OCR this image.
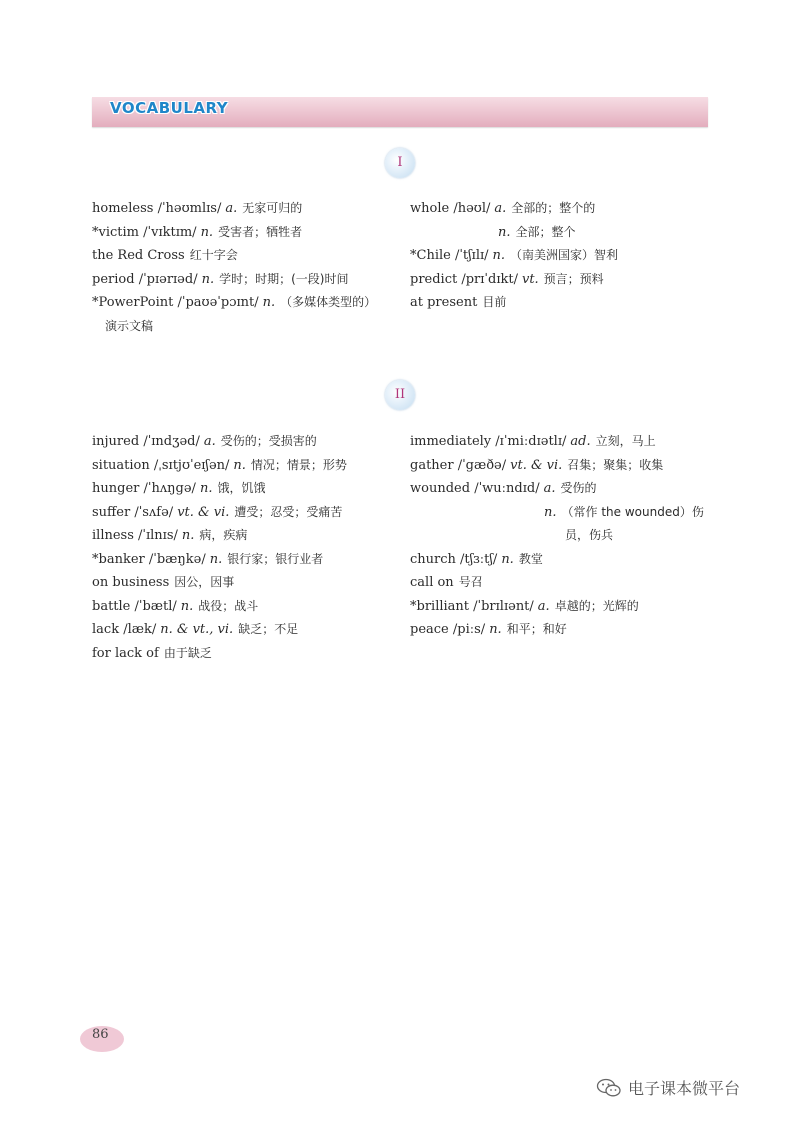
VOCABULARY
I
homeless /ˈhəʊmlɪs/ a. 无家可归的
*victim /ˈvɪktɪm/ n. 受害者；牺牲者
the Red Cross 红十字会
period /ˈpɪərɪəd/ n. 学时；时期；(一段)时间
*PowerPoint /ˈpaʊəˈpɔɪnt/ n. （多媒体类型的）
演示文稿
whole /həʊl/ a. 全部的；整个的
n. 全部；整个
*Chile /ˈtʃɪlɪ/ n. （南美洲国家）智利
predict /prɪˈdɪkt/ vt. 预言；预料
at present 目前
II
injured /ˈɪndʒəd/ a. 受伤的；受损害的
situation /ˌsɪtjʊˈeɪʃən/ n. 情况；情景；形势
hunger /ˈhʌŋgə/ n. 饿，饥饿
suffer /ˈsʌfə/ vt. & vi. 遭受；忍受；受痛苦
illness /ˈɪlnɪs/ n. 病，疾病
*banker /ˈbæŋkə/ n. 银行家；银行业者
on business 因公，因事
battle /ˈbætl/ n. 战役；战斗
lack /læk/ n. & vt., vi. 缺乏；不足
for lack of 由于缺乏
immediately /ɪˈmiːdɪətlɪ/ ad. 立刻，马上
gather /ˈgæðə/ vt. & vi. 召集；聚集；收集
wounded /ˈwuːndɪd/ a. 受伤的
n. （常作 the wounded）伤
员，伤兵
church /tʃɜːtʃ/ n. 教堂
call on 号召
*brilliant /ˈbrɪlɪənt/ a. 卓越的；光辉的
peace /piːs/ n. 和平；和好
86
电子课本微平台
